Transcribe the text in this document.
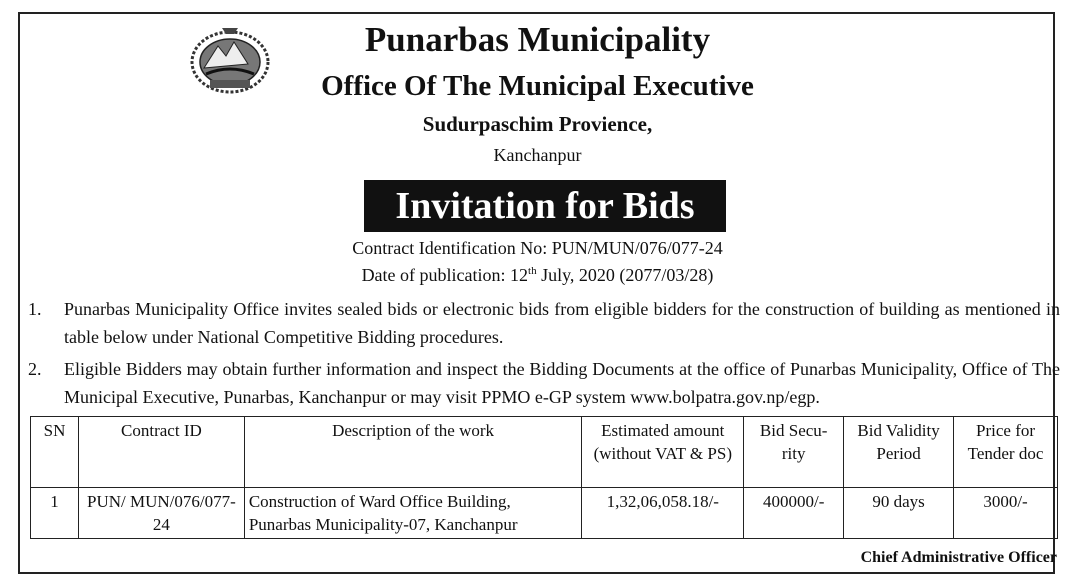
Punarbas Municipality
Office Of The Municipal Executive
Sudurpaschim Provience,
Kanchanpur
Invitation for Bids
Contract Identification No: PUN/MUN/076/077-24
Date of publication: 12th July, 2020 (2077/03/28)
1. Punarbas Municipality Office invites sealed bids or electronic bids from eligible bidders for the construction of building as mentioned in table below under National Competitive Bidding procedures.
2. Eligible Bidders may obtain further information and inspect the Bidding Documents at the office of Punarbas Municipality, Office of The Municipal Executive, Punarbas, Kanchanpur or may visit PPMO e-GP system www.bolpatra.gov.np/egp.
SN	Contract ID	Description of the work	Estimated amount (without VAT & PS)	Bid Secu-rity	Bid Validity Period	Price for Tender doc
1	PUN/ MUN/076/077-24	Construction of Ward Office Building, Punarbas Municipality-07, Kanchanpur	1,32,06,058.18/-	400000/-	90 days	3000/-
Chief Administrative Officer
